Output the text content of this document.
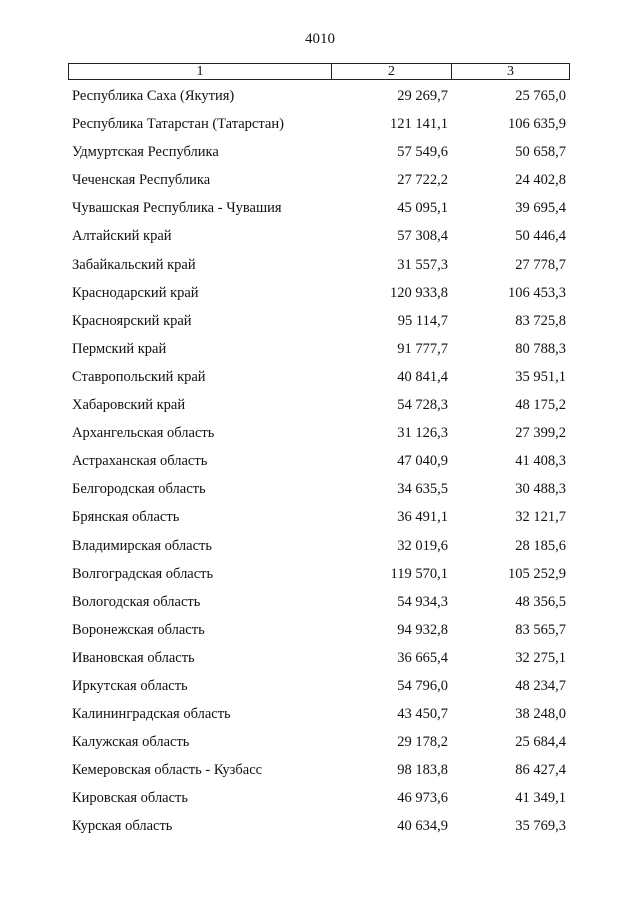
4010
1	2	3
Республика Саха (Якутия)	29 269,7	25 765,0
Республика Татарстан (Татарстан)	121 141,1	106 635,9
Удмуртская Республика	57 549,6	50 658,7
Чеченская Республика	27 722,2	24 402,8
Чувашская Республика - Чувашия	45 095,1	39 695,4
Алтайский край	57 308,4	50 446,4
Забайкальский край	31 557,3	27 778,7
Краснодарский край	120 933,8	106 453,3
Красноярский край	95 114,7	83 725,8
Пермский край	91 777,7	80 788,3
Ставропольский край	40 841,4	35 951,1
Хабаровский край	54 728,3	48 175,2
Архангельская область	31 126,3	27 399,2
Астраханская область	47 040,9	41 408,3
Белгородская область	34 635,5	30 488,3
Брянская область	36 491,1	32 121,7
Владимирская область	32 019,6	28 185,6
Волгоградская область	119 570,1	105 252,9
Вологодская область	54 934,3	48 356,5
Воронежская область	94 932,8	83 565,7
Ивановская область	36 665,4	32 275,1
Иркутская область	54 796,0	48 234,7
Калининградская область	43 450,7	38 248,0
Калужская область	29 178,2	25 684,4
Кемеровская область - Кузбасс	98 183,8	86 427,4
Кировская область	46 973,6	41 349,1
Курская область	40 634,9	35 769,3
